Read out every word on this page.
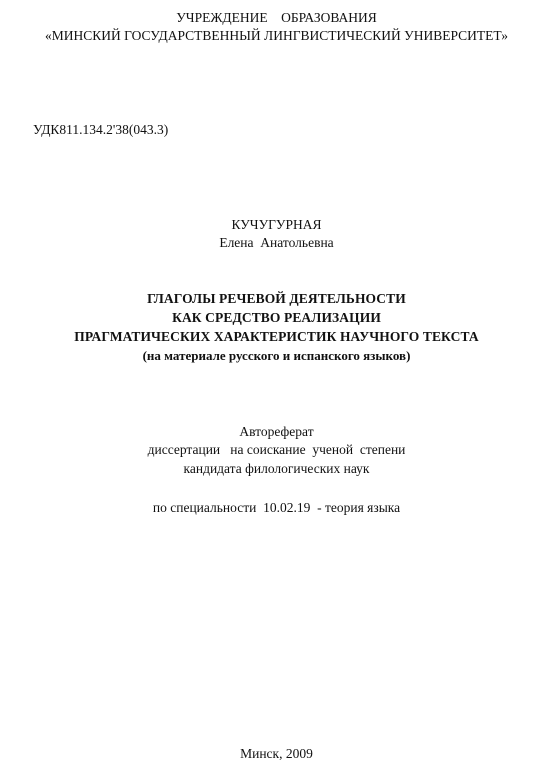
УЧРЕЖДЕНИЕ    ОБРАЗОВАНИЯ
«МИНСКИЙ ГОСУДАРСТВЕННЫЙ ЛИНГВИСТИЧЕСКИЙ УНИВЕРСИТЕТ»
УДК811.134.2'38(043.3)
КУЧУГУРНАЯ
Елена  Анатольевна
ГЛАГОЛЫ РЕЧЕВОЙ ДЕЯТЕЛЬНОСТИ
КАК СРЕДСТВО РЕАЛИЗАЦИИ
ПРАГМАТИЧЕСКИХ ХАРАКТЕРИСТИК НАУЧНОГО ТЕКСТА
(на материале русского и испанского языков)
Автореферат
диссертации   на соискание  ученой  степени
кандидата филологических наук
по специальности  10.02.19  - теория языка
Минск, 2009
